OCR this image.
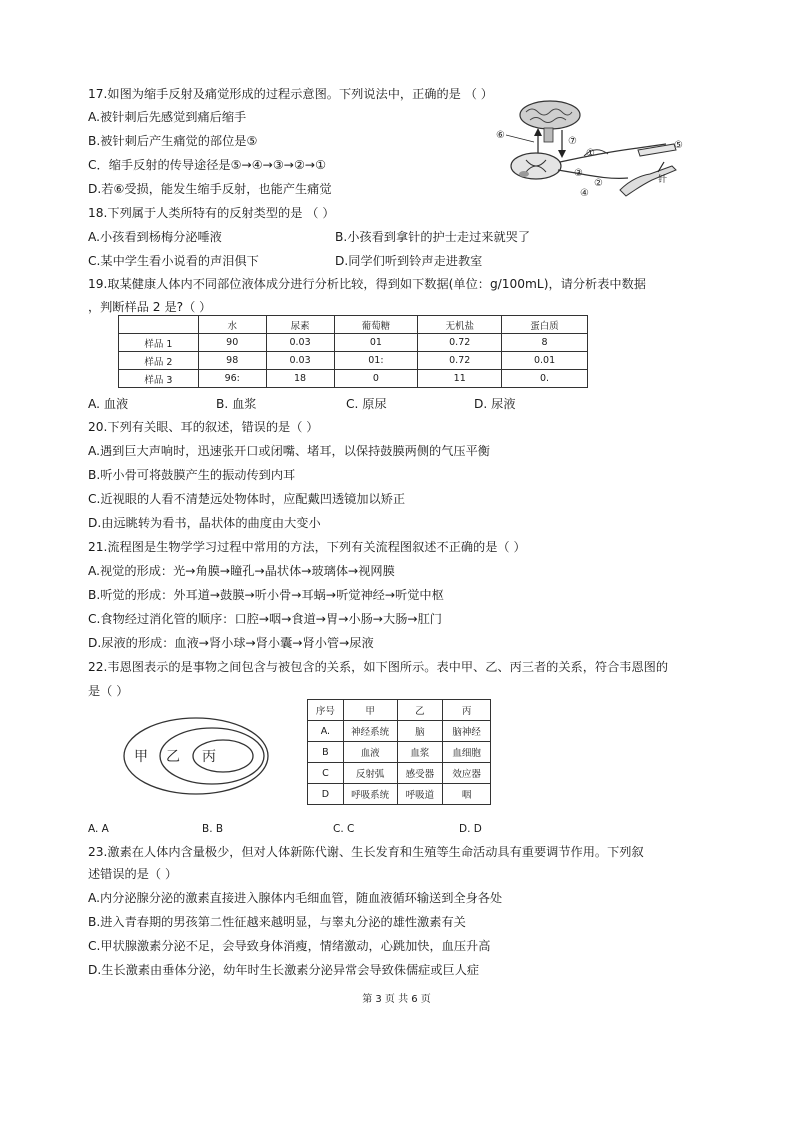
17.如图为缩手反射及痛觉形成的过程示意图。下列说法中，正确的是 （ ）
A.被针刺后先感觉到痛后缩手
B.被针刺后产生痛觉的部位是⑤
C．缩手反射的传导途径是⑤→④→③→②→①
D.若⑥受损，能发生缩手反射，也能产生痛觉
⑥
⑦
①
②
③
④
⑤
针
18.下列属于人类所特有的反射类型的是 （ ）
A.小孩看到杨梅分泌唾液	B.小孩看到拿针的护士走过来就哭了
C.某中学生看小说看的声泪俱下	D.同学们听到铃声走进教室
19.取某健康人体内不同部位液体成分进行分析比较，得到如下数据(单位：g/100mL)，请分析表中数据
，判断样品 2 是?（ ）
	水	尿素	葡萄糖	无机盐	蛋白质
样品 1	90	0.03	01	0.72	8
样品 2	98	0.03	01:	0.72	0.01
样品 3	96:	18	0	11	0.
A. 血液	B. 血浆	C. 原尿	D. 尿液
20.下列有关眼、耳的叙述，错误的是（ ）
A.遇到巨大声响时，迅速张开口或闭嘴、堵耳，以保持鼓膜两侧的气压平衡
B.听小骨可将鼓膜产生的振动传到内耳
C.近视眼的人看不清楚远处物体时，应配戴凹透镜加以矫正
D.由远眺转为看书，晶状体的曲度由大变小
21.流程图是生物学学习过程中常用的方法，下列有关流程图叙述不正确的是（ ）
A.视觉的形成：光→角膜→瞳孔→晶状体→玻璃体→视网膜
B.听觉的形成：外耳道→鼓膜→听小骨→耳蜗→听觉神经→听觉中枢
C.食物经过消化管的顺序：口腔→咽→食道→胃→小肠→大肠→肛门
D.尿液的形成：血液→肾小球→肾小囊→肾小管→尿液
22.韦恩图表示的是事物之间包含与被包含的关系，如下图所示。表中甲、乙、丙三者的关系，符合韦恩图的
是（ ）
甲 乙 丙
序号	甲	乙	丙
A.	神经系统	脑	脑神经
B	血液	血浆	血细胞
C	反射弧	感受器	效应器
D	呼吸系统	呼吸道	咽
A. A	B. B	C. C	D. D
23.激素在人体内含量极少，但对人体新陈代谢、生长发育和生殖等生命活动具有重要调节作用。下列叙
述错误的是（ ）
A.内分泌腺分泌的激素直接进入腺体内毛细血管，随血液循环输送到全身各处
B.进入青春期的男孩第二性征越来越明显，与睾丸分泌的雄性激素有关
C.甲状腺激素分泌不足，会导致身体消瘦，情绪激动，心跳加快，血压升高
D.生长激素由垂体分泌，幼年时生长激素分泌异常会导致侏儒症或巨人症
第 3 页 共 6 页
